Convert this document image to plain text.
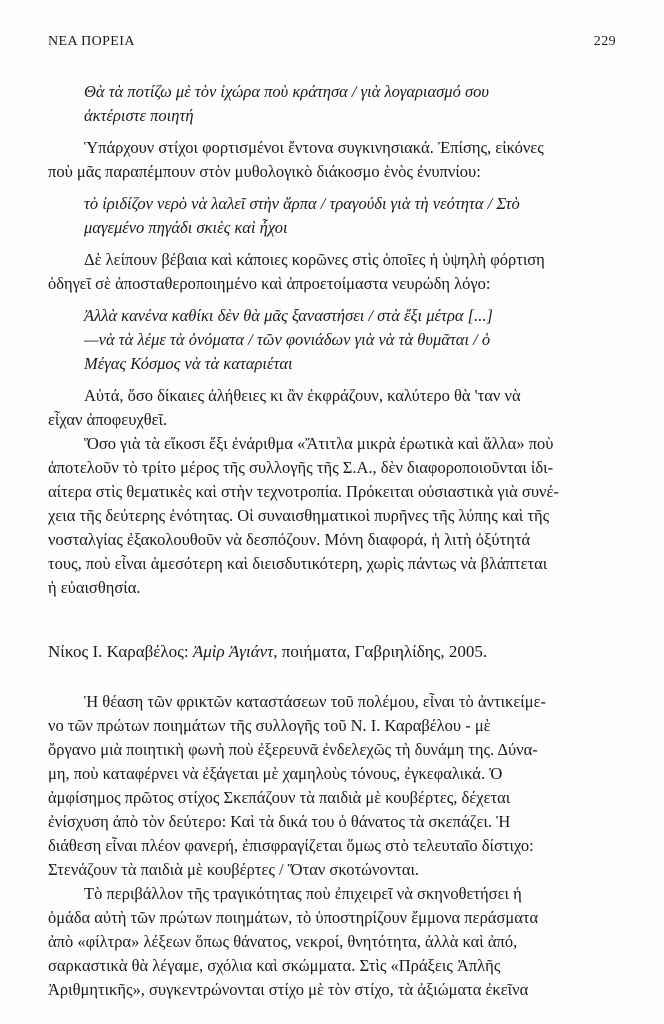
ΝΕΑ ΠΟΡΕΙΑ	229
Θὰ τὰ ποτίζω μὲ τὸν ἰχώρα ποὺ κράτησα / γιὰ λογαριασμό σου
ἀκτέριστε ποιητή
Ὑπάρχουν στίχοι φορτισμένοι ἔντονα συγκινησιακά. Ἐπίσης, εἰκόνες
ποὺ μᾶς παραπέμπουν στὸν μυθολογικὸ διάκοσμο ἑνὸς ἐνυπνίου:
τὸ ἰριδίζον νερὸ νὰ λαλεῖ στὴν ἅρπα / τραγούδι γιὰ τὴ νεότητα / Στὸ
μαγεμένο πηγάδι σκιὲς καὶ ἦχοι
Δὲ λείπουν βέβαια καὶ κάποιες κορῶνες στὶς ὁποῖες ἡ ὑψηλὴ φόρτιση
ὁδηγεῖ σὲ ἀποσταθεροποιημένο καὶ ἀπροετοίμαστα νευρώδη λόγο:
Ἀλλὰ κανένα καθίκι δὲν θὰ μᾶς ξαναστήσει / στὰ ἔξι μέτρα [...]
—νὰ τὰ λέμε τὰ ὀνόματα / τῶν φονιάδων γιὰ νὰ τὰ θυμᾶται / ὁ
Μέγας Κόσμος νὰ τὰ καταριέται
Αὐτά, ὅσο δίκαιες ἀλήθειες κι ἂν ἐκφράζουν, καλύτερο θὰ 'ταν νὰ
εἶχαν ἀποφευχθεῖ.
Ὅσο γιὰ τὰ εἴκοσι ἔξι ἐνάριθμα «Ἄτιτλα μικρὰ ἐρωτικὰ καὶ ἄλλα» ποὺ
ἀποτελοῦν τὸ τρίτο μέρος τῆς συλλογῆς τῆς Σ.Α., δὲν διαφοροποιοῦνται ἰδι-
αίτερα στὶς θεματικὲς καὶ στὴν τεχνοτροπία. Πρόκειται οὐσιαστικὰ γιὰ συνέ-
χεια τῆς δεύτερης ἑνότητας. Οἱ συναισθηματικοὶ πυρῆνες τῆς λύπης καὶ τῆς
νοσταλγίας ἐξακολουθοῦν νὰ δεσπόζουν. Μόνη διαφορά, ἡ λιτὴ ὀξύτητά
τους, ποὺ εἶναι ἀμεσότερη καὶ διεισδυτικότερη, χωρὶς πάντως νὰ βλάπτεται
ἡ εὐαισθησία.
Νίκος Ι. Καραβέλος: Ἀμὶρ Ἀγιάντ, ποιήματα, Γαβριηλίδης, 2005.
Ἡ θέαση τῶν φρικτῶν καταστάσεων τοῦ πολέμου, εἶναι τὸ ἀντικείμε-
νο τῶν πρώτων ποιημάτων τῆς συλλογῆς τοῦ Ν. Ι. Καραβέλου - μὲ
ὄργανο μιὰ ποιητικὴ φωνὴ ποὺ ἐξερευνᾶ ἐνδελεχῶς τὴ δυνάμη της. Δύνα-
μη, ποὺ καταφέρνει νὰ ἐξάγεται μὲ χαμηλοὺς τόνους, ἐγκεφαλικά. Ὁ
ἀμφίσημος πρῶτος στίχος Σκεπάζουν τὰ παιδιὰ μὲ κουβέρτες, δέχεται
ἐνίσχυση ἀπὸ τὸν δεύτερο: Καὶ τὰ δικά του ὁ θάνατος τὰ σκεπάζει. Ἡ
διάθεση εἶναι πλέον φανερή, ἐπισφραγίζεται ὅμως στὸ τελευταῖο δίστιχο:
Στενάζουν τὰ παιδιὰ μὲ κουβέρτες / Ὅταν σκοτώνονται.
Τὸ περιβάλλον τῆς τραγικότητας ποὺ ἐπιχειρεῖ νὰ σκηνοθετήσει ἡ
ὁμάδα αὐτὴ τῶν πρώτων ποιημάτων, τὸ ὑποστηρίζουν ἔμμονα περάσματα
ἀπὸ «φίλτρα» λέξεων ὅπως θάνατος, νεκροί, θνητότητα, ἀλλὰ καὶ ἀπό,
σαρκαστικὰ θὰ λέγαμε, σχόλια καὶ σκώμματα. Στὶς «Πράξεις Ἁπλῆς
Ἀριθμητικῆς», συγκεντρώνονται στίχο μὲ τὸν στίχο, τὰ ἀξιώματα ἐκεῖνα
